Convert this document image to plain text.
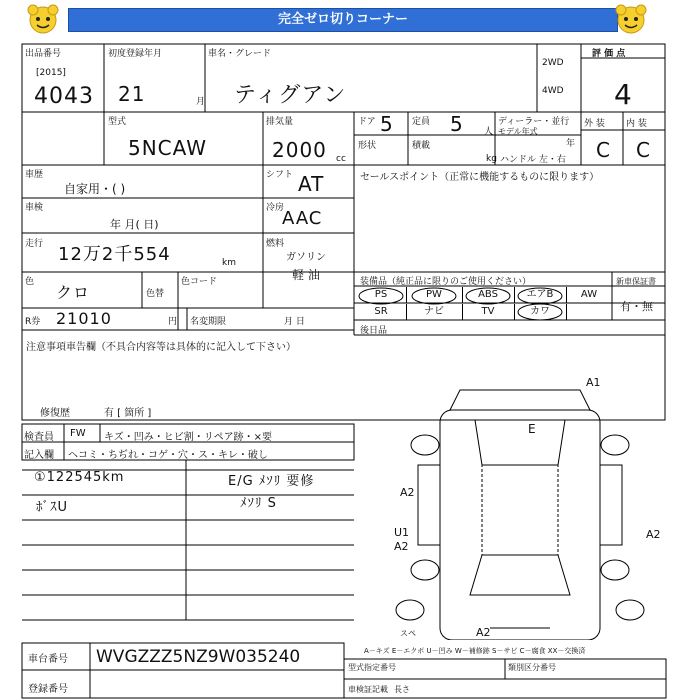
完全ゼロ切りコーナー
出品番号
[2015]
4043
初度登録年月
21	月
車名・グレード
ティグアン
2WD
4WD
評 価 点
4
外 装 内 装
C C
型式
5NCAW
排気量
2000 cc
ドア 5 定員 5 人
ディーラー・並行
モデル年式
年
形状	積載
kg ハンドル 左・右
車歴
自家用・( )
車検
年 月( 日)
走行 12万2千554	km
色
クロ	色替
色コード
R券 21010	円 名変期限	月 日
シフト AT
冷房
AAC
燃料
ガソリン
軽 油
セールスポイント（正常に機能するものに限ります）
装備品（純正品に限りのご使用ください）	新車保証書
有・無
PS	PW	ABS	エアB	AW
SR	ナビ	TV	カワ
後日品
注意事項車告欄（不具合内容等は具体的に記入して下さい）
修復歴	有 [ 箇所 ]
検査員 FW キズ・凹み・ヒビ割・リペア跡・×要
記入欄 ヘコミ・ちぢれ・コゲ・穴・ス・キレ・破し
①122545km
ﾎﾞｽU
E/G ﾒｿﾘ 要修
ﾒｿﾘ S
A1
E
A2
U1
A2
A2
A2
スペ
A－キズ E－エクボ U－凹み W－補修跡 S－サビ C－腐食 XX－交換済
車台番号 WVGZZZ5NZ9W035240
登録番号
型式指定番号	類別区分番号
車検証記載 長さ
